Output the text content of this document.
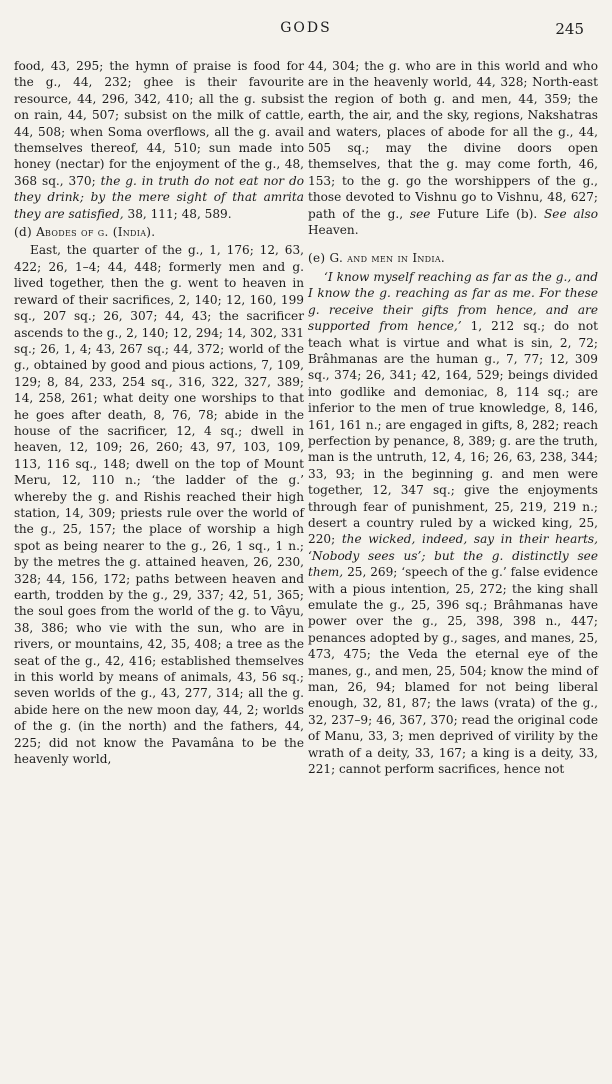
GODS	245

food, 43, 295; the hymn of praise is food for the g., 44, 232; ghee is their favourite resource, 44, 296, 342, 410; all the g. subsist on rain, 44, 507; subsist on the milk of cattle, 44, 508; when Soma overflows, all the g. avail themselves thereof, 44, 510; sun made into honey (nectar) for the enjoyment of the g., 48, 368 sq., 370; the g. in truth do not eat nor do they drink; by the mere sight of that amrita they are satisfied, 38, 111; 48, 589.

(d) Abodes of g. (India).

East, the quarter of the g., 1, 176; 12, 63, 422; 26, 1–4; 44, 448; formerly men and g. lived together, then the g. went to heaven in reward of their sacrifices, 2, 140; 12, 160, 199 sq., 207 sq.; 26, 307; 44, 43; the sacrificer ascends to the g., 2, 140; 12, 294; 14, 302, 331 sq.; 26, 1, 4; 43, 267 sq.; 44, 372; world of the g., obtained by good and pious actions, 7, 109, 129; 8, 84, 233, 254 sq., 316, 322, 327, 389; 14, 258, 261; what deity one worships to that he goes after death, 8, 76, 78; abide in the house of the sacrificer, 12, 4 sq.; dwell in heaven, 12, 109; 26, 260; 43, 97, 103, 109, 113, 116 sq., 148; dwell on the top of Mount Meru, 12, 110 n.; ‘the ladder of the g.’ whereby the g. and Rishis reached their high station, 14, 309; priests rule over the world of the g., 25, 157; the place of worship a high spot as being nearer to the g., 26, 1 sq., 1 n.; by the metres the g. attained heaven, 26, 230, 328; 44, 156, 172; paths between heaven and earth, trodden by the g., 29, 337; 42, 51, 365; the soul goes from the world of the g. to Vâyu, 38, 386; who vie with the sun, who are in rivers, or mountains, 42, 35, 408; a tree as the seat of the g., 42, 416; established themselves in this world by means of animals, 43, 56 sq.; seven worlds of the g., 43, 277, 314; all the g. abide here on the new moon day, 44, 2; worlds of the g. (in the north) and the fathers, 44, 225; did not know the Pavamâna to be the heavenly world,

44, 304; the g. who are in this world and who are in the heavenly world, 44, 328; North-east the region of both g. and men, 44, 359; the earth, the air, and the sky, regions, Nakshatras and waters, places of abode for all the g., 44, 505 sq.; may the divine doors open themselves, that the g. may come forth, 46, 153; to the g. go the worshippers of the g., those devoted to Vishnu go to Vishnu, 48, 627; path of the g., see Future Life (b). See also Heaven.

(e) G. and men in India.

‘I know myself reaching as far as the g., and I know the g. reaching as far as me. For these g. receive their gifts from hence, and are supported from hence,’ 1, 212 sq.; do not teach what is virtue and what is sin, 2, 72; Brâhmanas are the human g., 7, 77; 12, 309 sq., 374; 26, 341; 42, 164, 529; beings divided into godlike and demoniac, 8, 114 sq.; are inferior to the men of true knowledge, 8, 146, 161, 161 n.; are engaged in gifts, 8, 282; reach perfection by penance, 8, 389; g. are the truth, man is the untruth, 12, 4, 16; 26, 63, 238, 344; 33, 93; in the beginning g. and men were together, 12, 347 sq.; give the enjoyments through fear of punishment, 25, 219, 219 n.; desert a country ruled by a wicked king, 25, 220; the wicked, indeed, say in their hearts, ‘Nobody sees us’; but the g. distinctly see them, 25, 269; ‘speech of the g.’ false evidence with a pious intention, 25, 272; the king shall emulate the g., 25, 396 sq.; Brâhmanas have power over the g., 25, 398, 398 n., 447; penances adopted by g., sages, and manes, 25, 473, 475; the Veda the eternal eye of the manes, g., and men, 25, 504; know the mind of man, 26, 94; blamed for not being liberal enough, 32, 81, 87; the laws (vrata) of the g., 32, 237–9; 46, 367, 370; read the original code of Manu, 33, 3; men deprived of virility by the wrath of a deity, 33, 167; a king is a deity, 33, 221; cannot perform sacrifices, hence not
